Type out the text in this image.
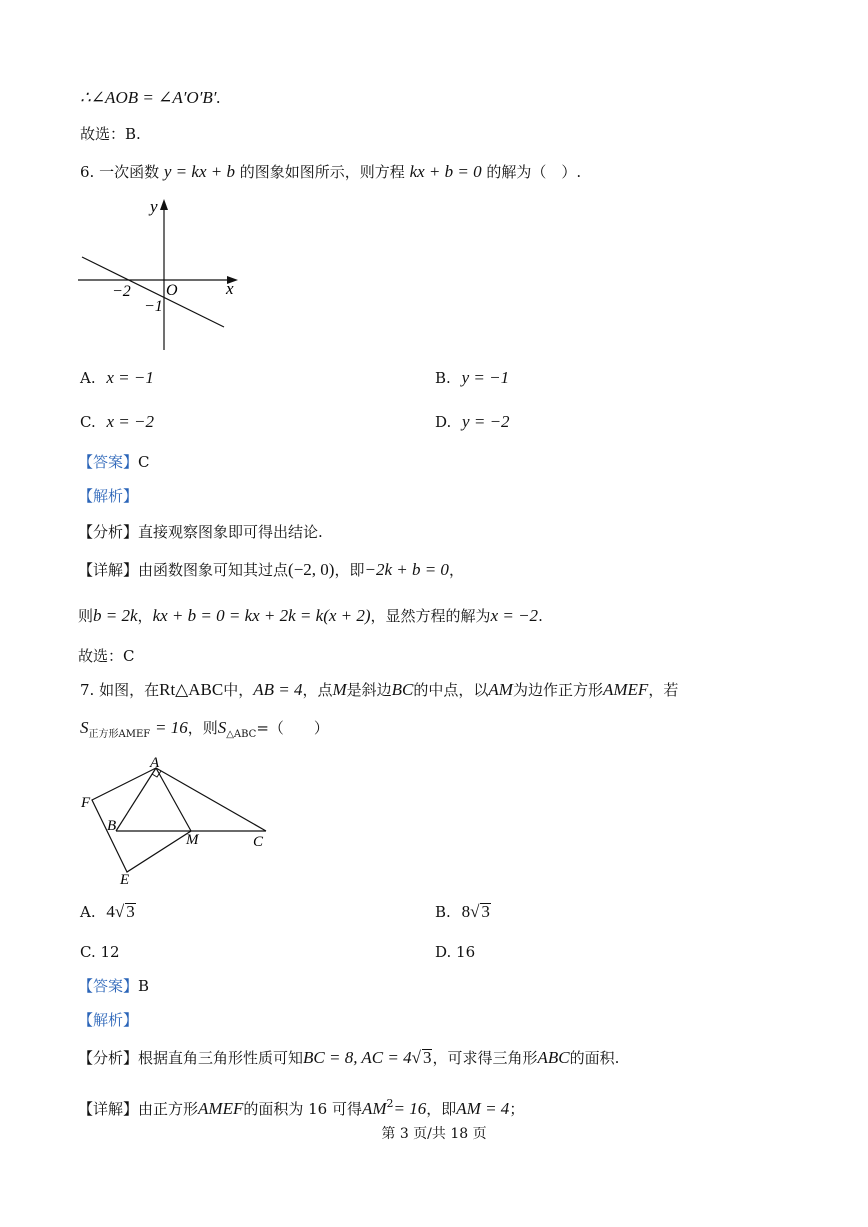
∴∠AOB = ∠A′O′B′.
故选：B.
6. 一次函数 y = kx + b 的图象如图所示，则方程 kx + b = 0 的解为（　）.
y
x
O
−2
−1
A. x = −1	B. y = −1
C. x = −2	D. y = −2
【答案】C
【解析】
【分析】直接观察图象即可得出结论.
【详解】由函数图象可知其过点(−2, 0)，即−2k + b = 0，
则b = 2k，kx + b = 0 = kx + 2k = k(x + 2)，显然方程的解为x = −2.
故选：C
7. 如图，在Rt△ABC中，AB = 4，点M是斜边BC的中点，以AM为边作正方形AMEF，若
$S_{正方形AMEF} = 16$，则$S_{\triangle ABC}=$（　　）
A
F
B
M	C
E
A. 4√ 3	B. 8√ 3
C. 12	D. 16
【答案】B
【解析】
【分析】根据直角三角形性质可知BC = 8, AC = 4√ 3，可求得三角形ABC的面积.
【详解】由正方形AMEF的面积为 16 可得$AM^2= 16$，即AM = 4；
第 3 页/共 18 页
